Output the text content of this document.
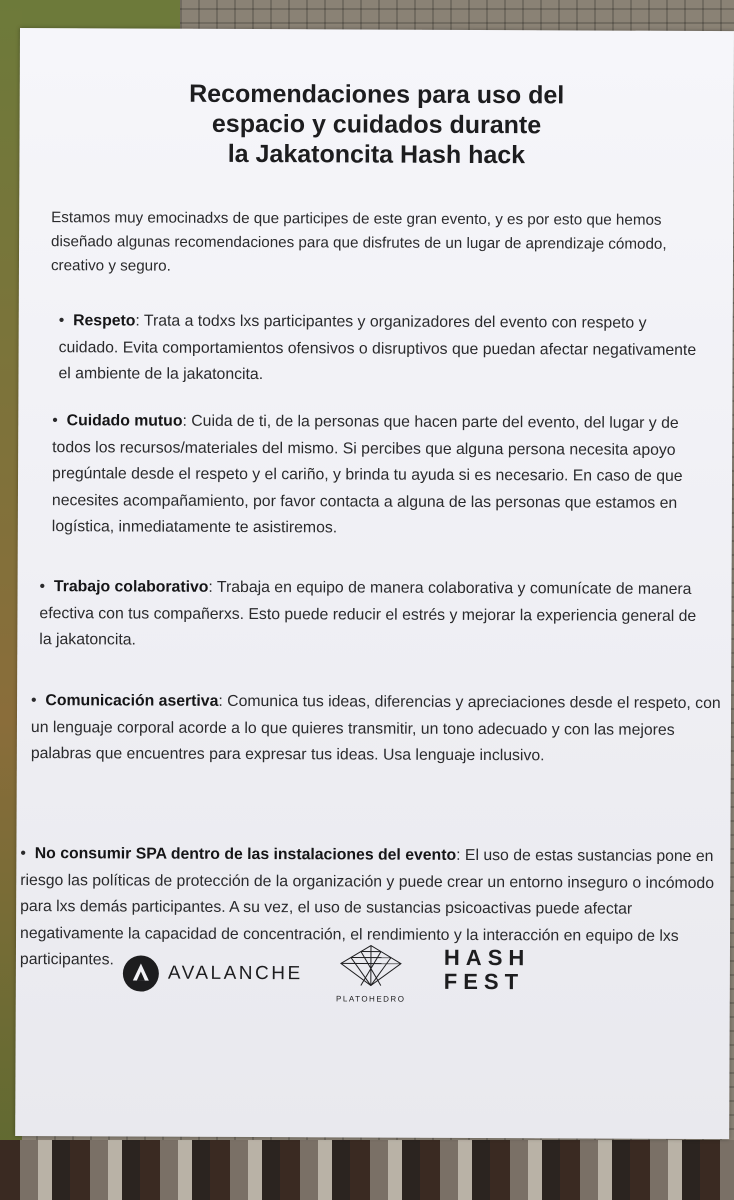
Recomendaciones para uso del
espacio y cuidados durante
la Jakatoncita Hash hack

Estamos muy emocinadxs de que participes de este gran evento, y es por esto que hemos diseñado algunas recomendaciones para que disfrutes de un lugar de aprendizaje cómodo, creativo y seguro.

• Respeto: Trata a todxs lxs participantes y organizadores del evento con respeto y cuidado. Evita comportamientos ofensivos o disruptivos que puedan afectar negativamente el ambiente de la jakatoncita.

• Cuidado mutuo: Cuida de ti, de la personas que hacen parte del evento, del lugar y de todos los recursos/materiales del mismo. Si percibes que alguna persona necesita apoyo pregúntale desde el respeto y el cariño, y brinda tu ayuda si es necesario. En caso de que necesites acompañamiento, por favor contacta a alguna de las personas que estamos en logística, inmediatamente te asistiremos.

• Trabajo colaborativo: Trabaja en equipo de manera colaborativa y comunícate de manera efectiva con tus compañerxs. Esto puede reducir el estrés y mejorar la experiencia general de la jakatoncita.

• Comunicación asertiva: Comunica tus ideas, diferencias y apreciaciones desde el respeto, con un lenguaje corporal acorde a lo que quieres transmitir, un tono adecuado y con las mejores palabras que encuentres para expresar tus ideas. Usa lenguaje inclusivo.

• No consumir SPA dentro de las instalaciones del evento: El uso de estas sustancias pone en riesgo las políticas de protección de la organización y puede crear un entorno inseguro o incómodo para lxs demás participantes. A su vez, el uso de sustancias psicoactivas puede afectar negativamente la capacidad de concentración, el rendimiento y la interacción en equipo de lxs participantes.

AVALANCHE
PLATOHEDRO
HASH
FEST
